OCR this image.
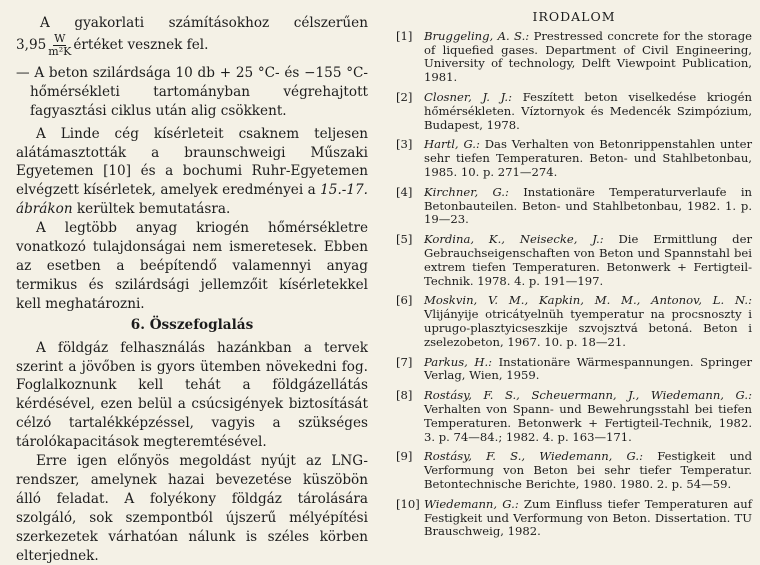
A gyakorlati számításokhoz célszerűen
$3,95 \frac{W}{\text{m²K}}$ értéket vesznek fel.

— A beton szilárdsága 10 db + 25 °C- és −155 °C-hőmérsékleti tartományban végrehajtott fagyasztási ciklus után alig csökkent.

A Linde cég kísérleteit csaknem teljesen alátámasztották a braunschweigi Műszaki Egyetemen [10] és a bochumi Ruhr-Egyetemen elvégzett kísérletek, amelyek eredményei a 15.-17. ábrákon kerültek bemutatásra.

A legtöbb anyag kriogén hőmérsékletre vonatkozó tulajdonságai nem ismeretesek. Ebben az esetben a beépítendő valamennyi anyag termikus és szilárdsági jellemzőit kísérletekkel kell meghatározni.

6. Összefoglalás

A földgáz felhasználás hazánkban a tervek szerint a jövőben is gyors ütemben növekedni fog. Foglalkoznunk kell tehát a földgázellátás kérdésével, ezen belül a csúcsigények biztosítását célzó tartalékképzéssel, vagyis a szükséges tárolókapacitások megteremtésével.

Erre igen előnyös megoldást nyújt az LNG-rendszer, amelynek hazai bevezetése küszöbön álló feladat. A folyékony földgáz tárolására szolgáló, sok szempontból újszerű mélyépítési szerkezetek várhatóan nálunk is széles körben elterjednek.

IRODALOM
[1] Bruggeling, A. S.: Prestressed concrete for the storage of liquefied gases. Department of Civil Engineering, University of technology, Delft Viewpoint Publication, 1981.
[2] Closner, J. J.: Feszített beton viselkedése kriogén hőmérsékleten. Víztornyok és Medencék Szimpózium, Budapest, 1978.
[3] Hartl, G.: Das Verhalten von Betonrippenstahlen unter sehr tiefen Temperaturen. Beton- und Stahlbetonbau, 1985. 10. p. 271—274.
[4] Kirchner, G.: Instationäre Temperaturverlaufe in Betonbauteilen. Beton- und Stahlbetonbau, 1982. 1. p. 19—23.
[5] Kordina, K., Neisecke, J.: Die Ermittlung der Gebrauchseigenschaften von Beton und Spannstahl bei extrem tiefen Temperaturen. Betonwerk + Fertigteil-Technik. 1978. 4. p. 191—197.
[6] Moskvin, V. M., Kapkin, M. M., Antonov, L. N.: Vlijányije otricátyelnüh tyemperatur na procsnoszty i uprugo-plasztyicseszkije szvojsztvá betoná. Beton i zselezobeton, 1967. 10. p. 18—21.
[7] Parkus, H.: Instationäre Wärmespannungen. Springer Verlag, Wien, 1959.
[8] Rostásy, F. S., Scheuermann, J., Wiedemann, G.: Verhalten von Spann- und Bewehrungsstahl bei tiefen Temperaturen. Betonwerk + Fertigteil-Technik, 1982. 3. p. 74—84.; 1982. 4. p. 163—171.
[9] Rostásy, F. S., Wiedemann, G.: Festigkeit und Verformung von Beton bei sehr tiefer Temperatur. Betontechnische Berichte, 1980. 1980. 2. p. 54—59.
[10] Wiedemann, G.: Zum Einfluss tiefer Temperaturen auf Festigkeit und Verformung von Beton. Dissertation. TU Brauschweig, 1982.
